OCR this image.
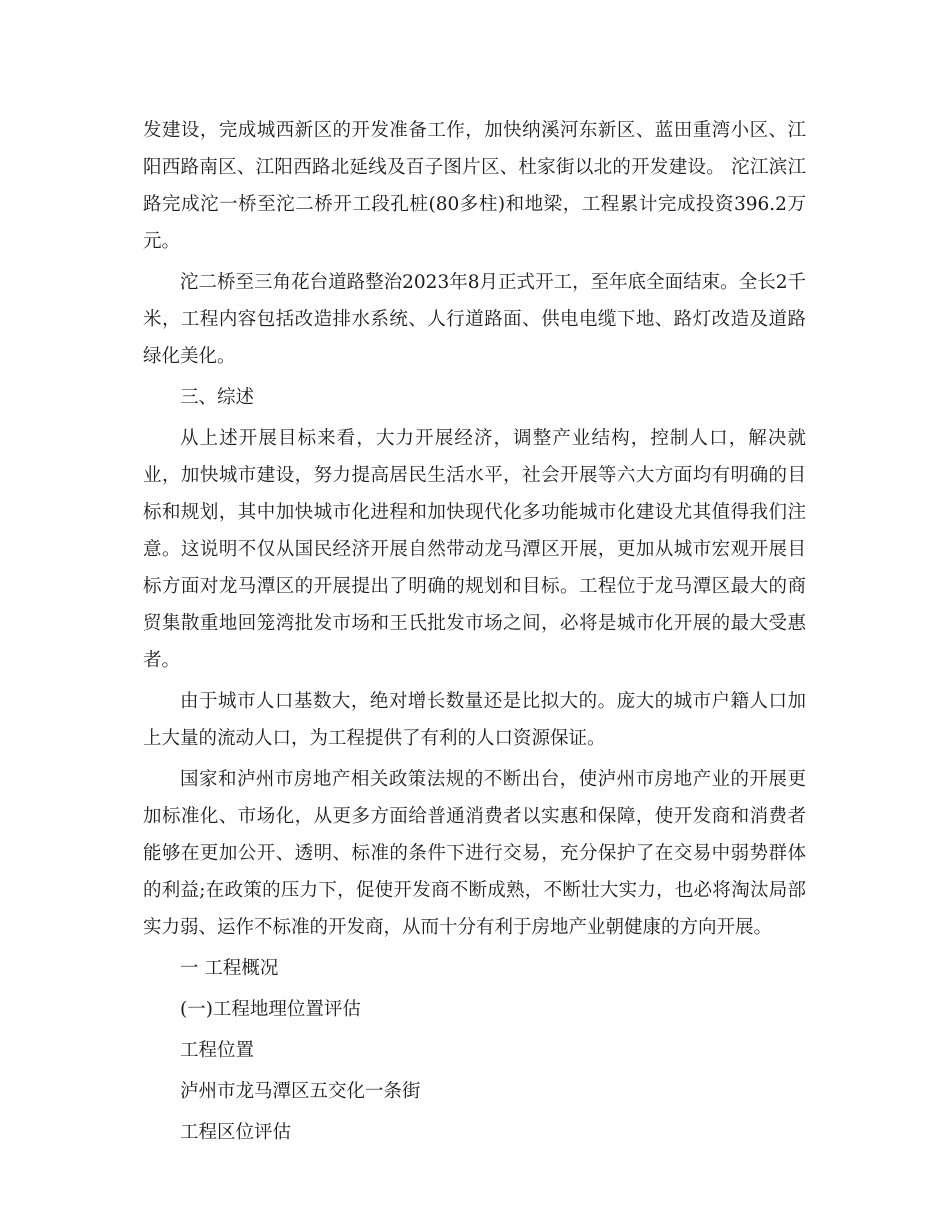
发建设，完成城西新区的开发准备工作，加快纳溪河东新区、蓝田重湾小区、江阳西路南区、江阳西路北延线及百子图片区、杜家街以北的开发建设。 沱江滨江路完成沱一桥至沱二桥开工段孔桩(80多柱)和地梁，工程累计完成投资396.2万元。

沱二桥至三角花台道路整治2023年8月正式开工，至年底全面结束。全长2千米，工程内容包括改造排水系统、人行道路面、供电电缆下地、路灯改造及道路绿化美化。

三、综述

从上述开展目标来看，大力开展经济，调整产业结构，控制人口，解决就业，加快城市建设，努力提高居民生活水平，社会开展等六大方面均有明确的目标和规划，其中加快城市化进程和加快现代化多功能城市化建设尤其值得我们注意。这说明不仅从国民经济开展自然带动龙马潭区开展，更加从城市宏观开展目标方面对龙马潭区的开展提出了明确的规划和目标。工程位于龙马潭区最大的商贸集散重地回笼湾批发市场和王氏批发市场之间，必将是城市化开展的最大受惠者。

由于城市人口基数大，绝对增长数量还是比拟大的。庞大的城市户籍人口加上大量的流动人口，为工程提供了有利的人口资源保证。

国家和泸州市房地产相关政策法规的不断出台，使泸州市房地产业的开展更加标准化、市场化，从更多方面给普通消费者以实惠和保障，使开发商和消费者能够在更加公开、透明、标准的条件下进行交易，充分保护了在交易中弱势群体的利益;在政策的压力下，促使开发商不断成熟，不断壮大实力，也必将淘汰局部实力弱、运作不标准的开发商，从而十分有利于房地产业朝健康的方向开展。

一 工程概况

(一)工程地理位置评估

工程位置

泸州市龙马潭区五交化一条街

工程区位评估
